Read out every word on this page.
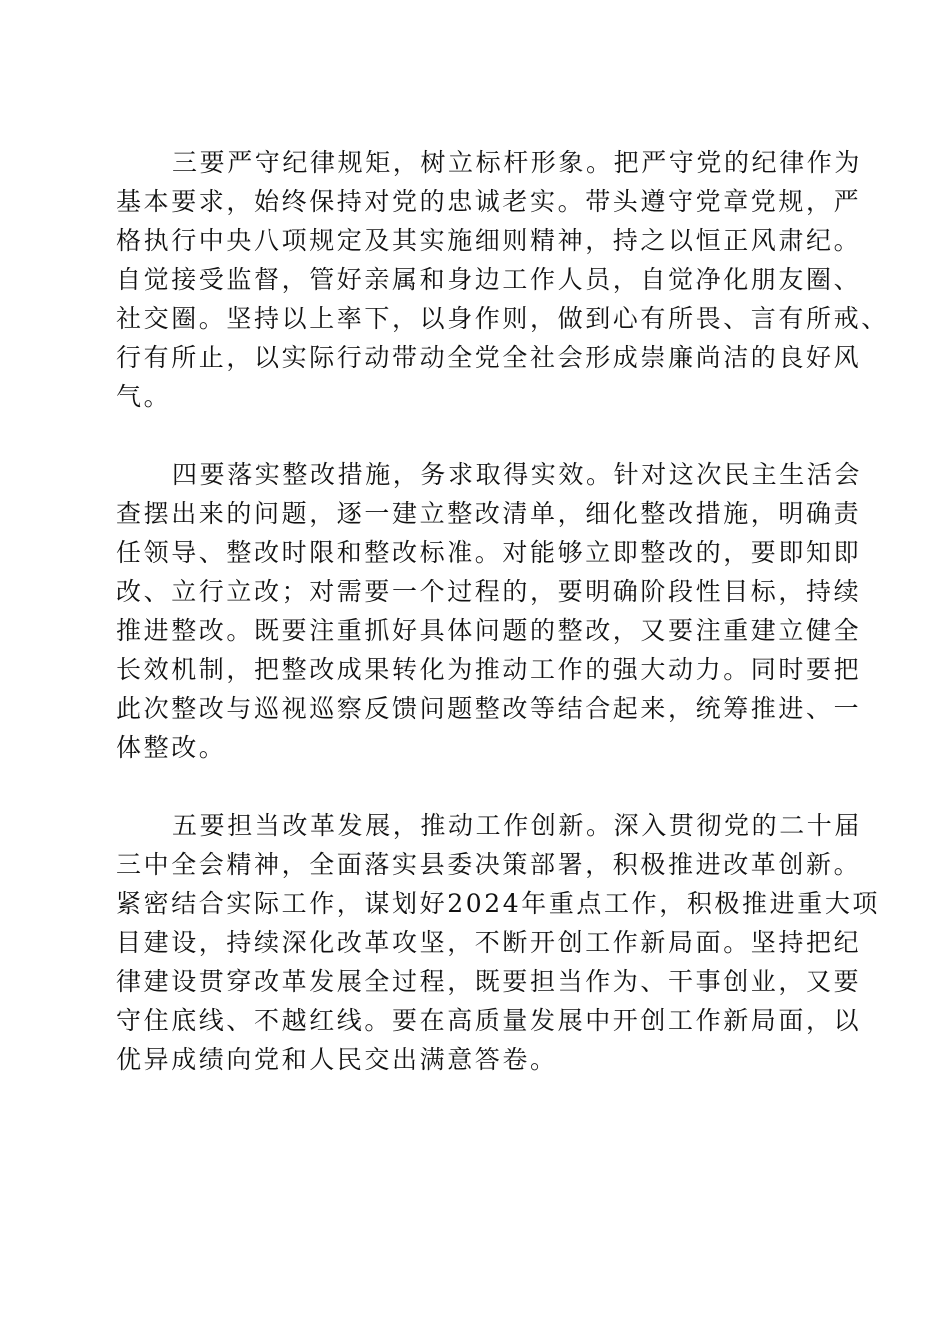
三要严守纪律规矩，树立标杆形象。把严守党的纪律作为
基本要求，始终保持对党的忠诚老实。带头遵守党章党规，严
格执行中央八项规定及其实施细则精神，持之以恒正风肃纪。
自觉接受监督，管好亲属和身边工作人员，自觉净化朋友圈、
社交圈。坚持以上率下，以身作则，做到心有所畏、言有所戒、
行有所止，以实际行动带动全党全社会形成崇廉尚洁的良好风
气。
四要落实整改措施，务求取得实效。针对这次民主生活会
查摆出来的问题，逐一建立整改清单，细化整改措施，明确责
任领导、整改时限和整改标准。对能够立即整改的，要即知即
改、立行立改；对需要一个过程的，要明确阶段性目标，持续
推进整改。既要注重抓好具体问题的整改，又要注重建立健全
长效机制，把整改成果转化为推动工作的强大动力。同时要把
此次整改与巡视巡察反馈问题整改等结合起来，统筹推进、一
体整改。
五要担当改革发展，推动工作创新。深入贯彻党的二十届
三中全会精神，全面落实县委决策部署，积极推进改革创新。
紧密结合实际工作，谋划好2024年重点工作，积极推进重大项
目建设，持续深化改革攻坚，不断开创工作新局面。坚持把纪
律建设贯穿改革发展全过程，既要担当作为、干事创业，又要
守住底线、不越红线。要在高质量发展中开创工作新局面，以
优异成绩向党和人民交出满意答卷。
